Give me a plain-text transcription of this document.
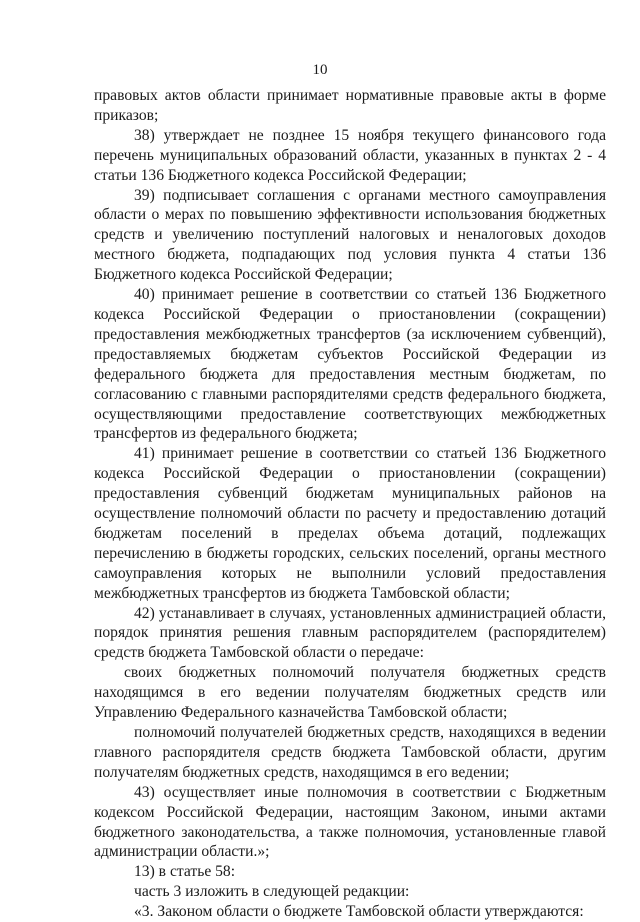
10

правовых актов области принимает нормативные правовые акты в форме приказов;

38) утверждает не позднее 15 ноября текущего финансового года перечень муниципальных образований области, указанных в пунктах 2 - 4 статьи 136 Бюджетного кодекса Российской Федерации;

39) подписывает соглашения с органами местного самоуправления области о мерах по повышению эффективности использования бюджетных средств и увеличению поступлений налоговых и неналоговых доходов местного бюджета, подпадающих под условия пункта 4 статьи 136 Бюджетного кодекса Российской Федерации;

40) принимает решение в соответствии со статьей 136 Бюджетного кодекса Российской Федерации о приостановлении (сокращении) предоставления межбюджетных трансфертов (за исключением субвенций), предоставляемых бюджетам субъектов Российской Федерации из федерального бюджета для предоставления местным бюджетам, по согласованию с главными распорядителями средств федерального бюджета, осуществляющими предоставление соответствующих межбюджетных трансфертов из федерального бюджета;

41) принимает решение в соответствии со статьей 136 Бюджетного кодекса Российской Федерации о приостановлении (сокращении) предоставления субвенций бюджетам муниципальных районов на осуществление полномочий области по расчету и предоставлению дотаций бюджетам поселений в пределах объема дотаций, подлежащих перечислению в бюджеты городских, сельских поселений, органы местного самоуправления которых не выполнили условий предоставления межбюджетных трансфертов из бюджета Тамбовской области;

42) устанавливает в случаях, установленных администрацией области, порядок принятия решения главным распорядителем (распорядителем) средств бюджета Тамбовской области о передаче:

своих бюджетных полномочий получателя бюджетных средств находящимся в его ведении получателям бюджетных средств или Управлению Федерального казначейства Тамбовской области;

полномочий получателей бюджетных средств, находящихся в ведении главного распорядителя средств бюджета Тамбовской области, другим получателям бюджетных средств, находящимся в его ведении;

43) осуществляет иные полномочия в соответствии с Бюджетным кодексом Российской Федерации, настоящим Законом, иными актами бюджетного законодательства, а также полномочия, установленные главой администрации области.»;

13) в статье 58:

часть 3 изложить в следующей редакции:

«3. Законом области о бюджете Тамбовской области утверждаются:
